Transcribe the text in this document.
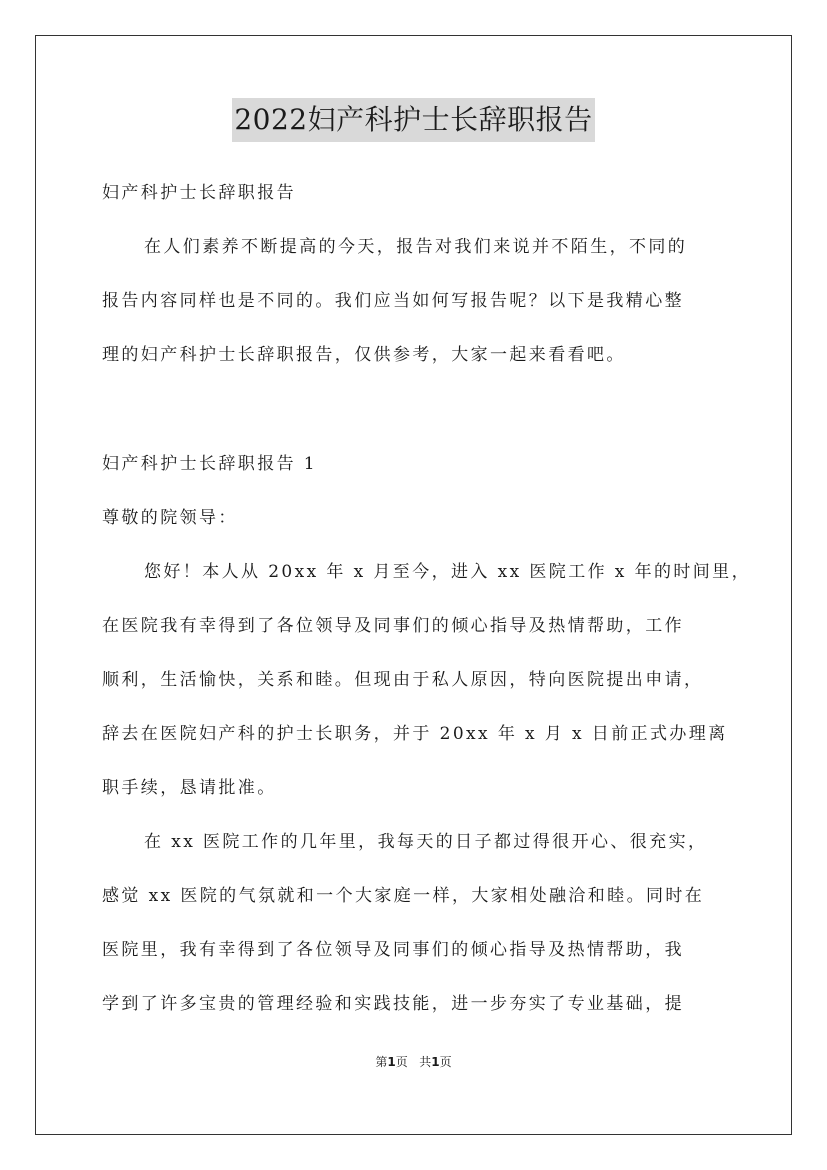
2022妇产科护士长辞职报告
妇产科护士长辞职报告
在人们素养不断提高的今天，报告对我们来说并不陌生，不同的
报告内容同样也是不同的。我们应当如何写报告呢？以下是我精心整
理的妇产科护士长辞职报告，仅供参考，大家一起来看看吧。
妇产科护士长辞职报告 1
尊敬的院领导：
您好！本人从 20xx 年 x 月至今，进入 xx 医院工作 x 年的时间里，
在医院我有幸得到了各位领导及同事们的倾心指导及热情帮助，工作
顺利，生活愉快，关系和睦。但现由于私人原因，特向医院提出申请，
辞去在医院妇产科的护士长职务，并于 20xx 年 x 月 x 日前正式办理离
职手续，恳请批准。
在 xx 医院工作的几年里，我每天的日子都过得很开心、很充实，
感觉 xx 医院的气氛就和一个大家庭一样，大家相处融洽和睦。同时在
医院里，我有幸得到了各位领导及同事们的倾心指导及热情帮助，我
学到了许多宝贵的管理经验和实践技能，进一步夯实了专业基础，提
第1页   共1页
